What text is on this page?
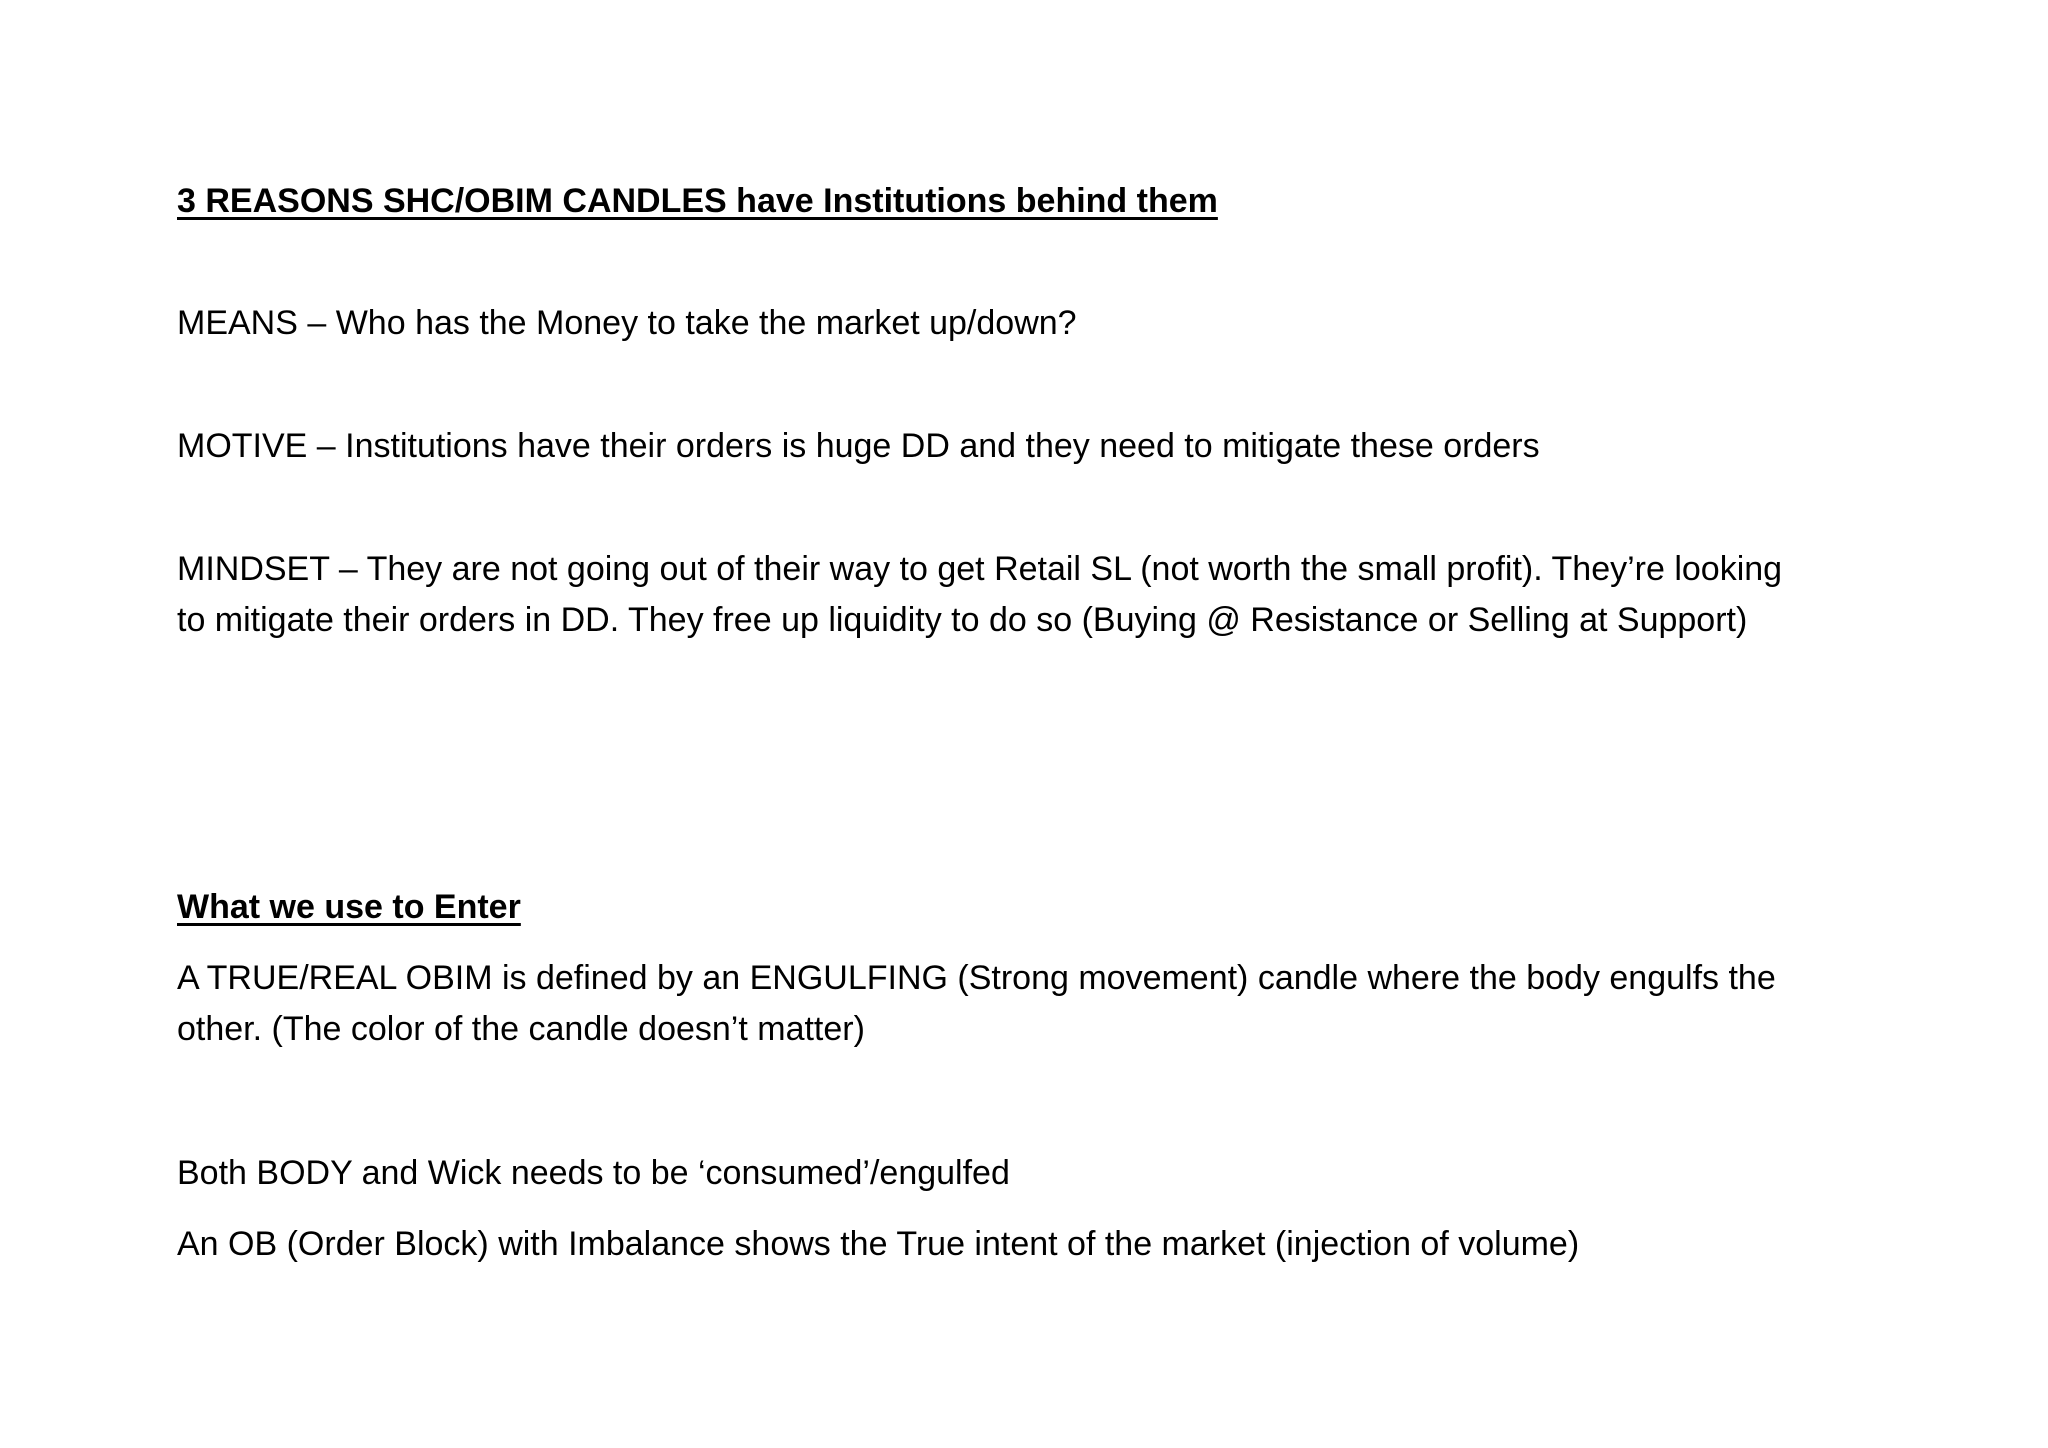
3 REASONS SHC/OBIM CANDLES have Institutions behind them

MEANS – Who has the Money to take the market up/down?

MOTIVE – Institutions have their orders is huge DD and they need to mitigate these orders

MINDSET – They are not going out of their way to get Retail SL (not worth the small profit). They’re looking
to mitigate their orders in DD. They free up liquidity to do so (Buying @ Resistance or Selling at Support)

What we use to Enter

A TRUE/REAL OBIM is defined by an ENGULFING (Strong movement) candle where the body engulfs the
other. (The color of the candle doesn’t matter)

Both BODY and Wick needs to be ‘consumed’/engulfed

An OB (Order Block) with Imbalance shows the True intent of the market (injection of volume)
